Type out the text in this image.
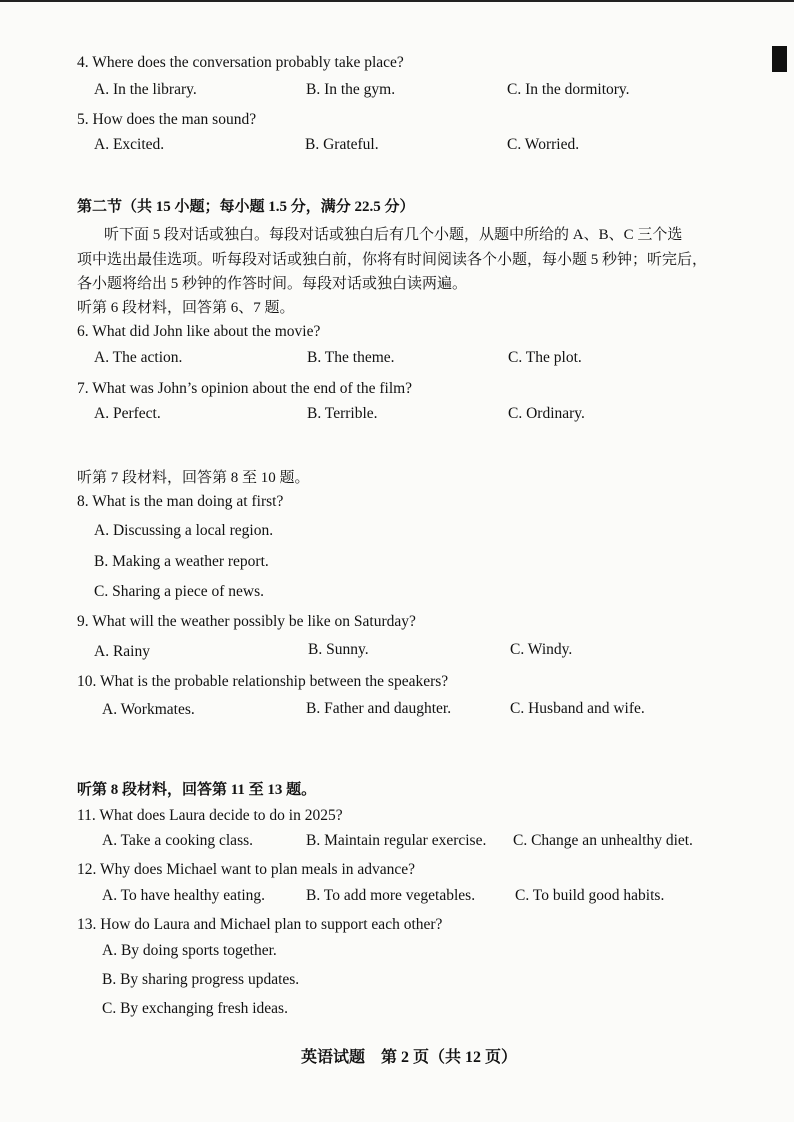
4. Where does the conversation probably take place?
A. In the library.	B. In the gym.	C. In the dormitory.
5. How does the man sound?
A. Excited.	B. Grateful.	C. Worried.
第二节（共 15 小题；每小题 1.5 分，满分 22.5 分）
听下面 5 段对话或独白。每段对话或独白后有几个小题，从题中所给的 A、B、C 三个选
项中选出最佳选项。听每段对话或独白前，你将有时间阅读各个小题，每小题 5 秒钟；听完后，
各小题将给出 5 秒钟的作答时间。每段对话或独白读两遍。
听第 6 段材料，回答第 6、7 题。
6. What did John like about the movie?
A. The action.	B. The theme.	C. The plot.
7. What was John’s opinion about the end of the film?
A. Perfect.	B. Terrible.	C. Ordinary.
听第 7 段材料，回答第 8 至 10 题。
8. What is the man doing at first?
A. Discussing a local region.
B. Making a weather report.
C. Sharing a piece of news.
9. What will the weather possibly be like on Saturday?
A. Rainy	B. Sunny.	C. Windy.
10. What is the probable relationship between the speakers?
A. Workmates.	B. Father and daughter.	C. Husband and wife.
听第 8 段材料，回答第 11 至 13 题。
11. What does Laura decide to do in 2025?
A. Take a cooking class.	B. Maintain regular exercise. C. Change an unhealthy diet.
12. Why does Michael want to plan meals in advance?
A. To have healthy eating.	B. To add more vegetables.	C. To build good habits.
13. How do Laura and Michael plan to support each other?
A. By doing sports together.
B. By sharing progress updates.
C. By exchanging fresh ideas.
英语试题　第 2 页（共 12 页）
